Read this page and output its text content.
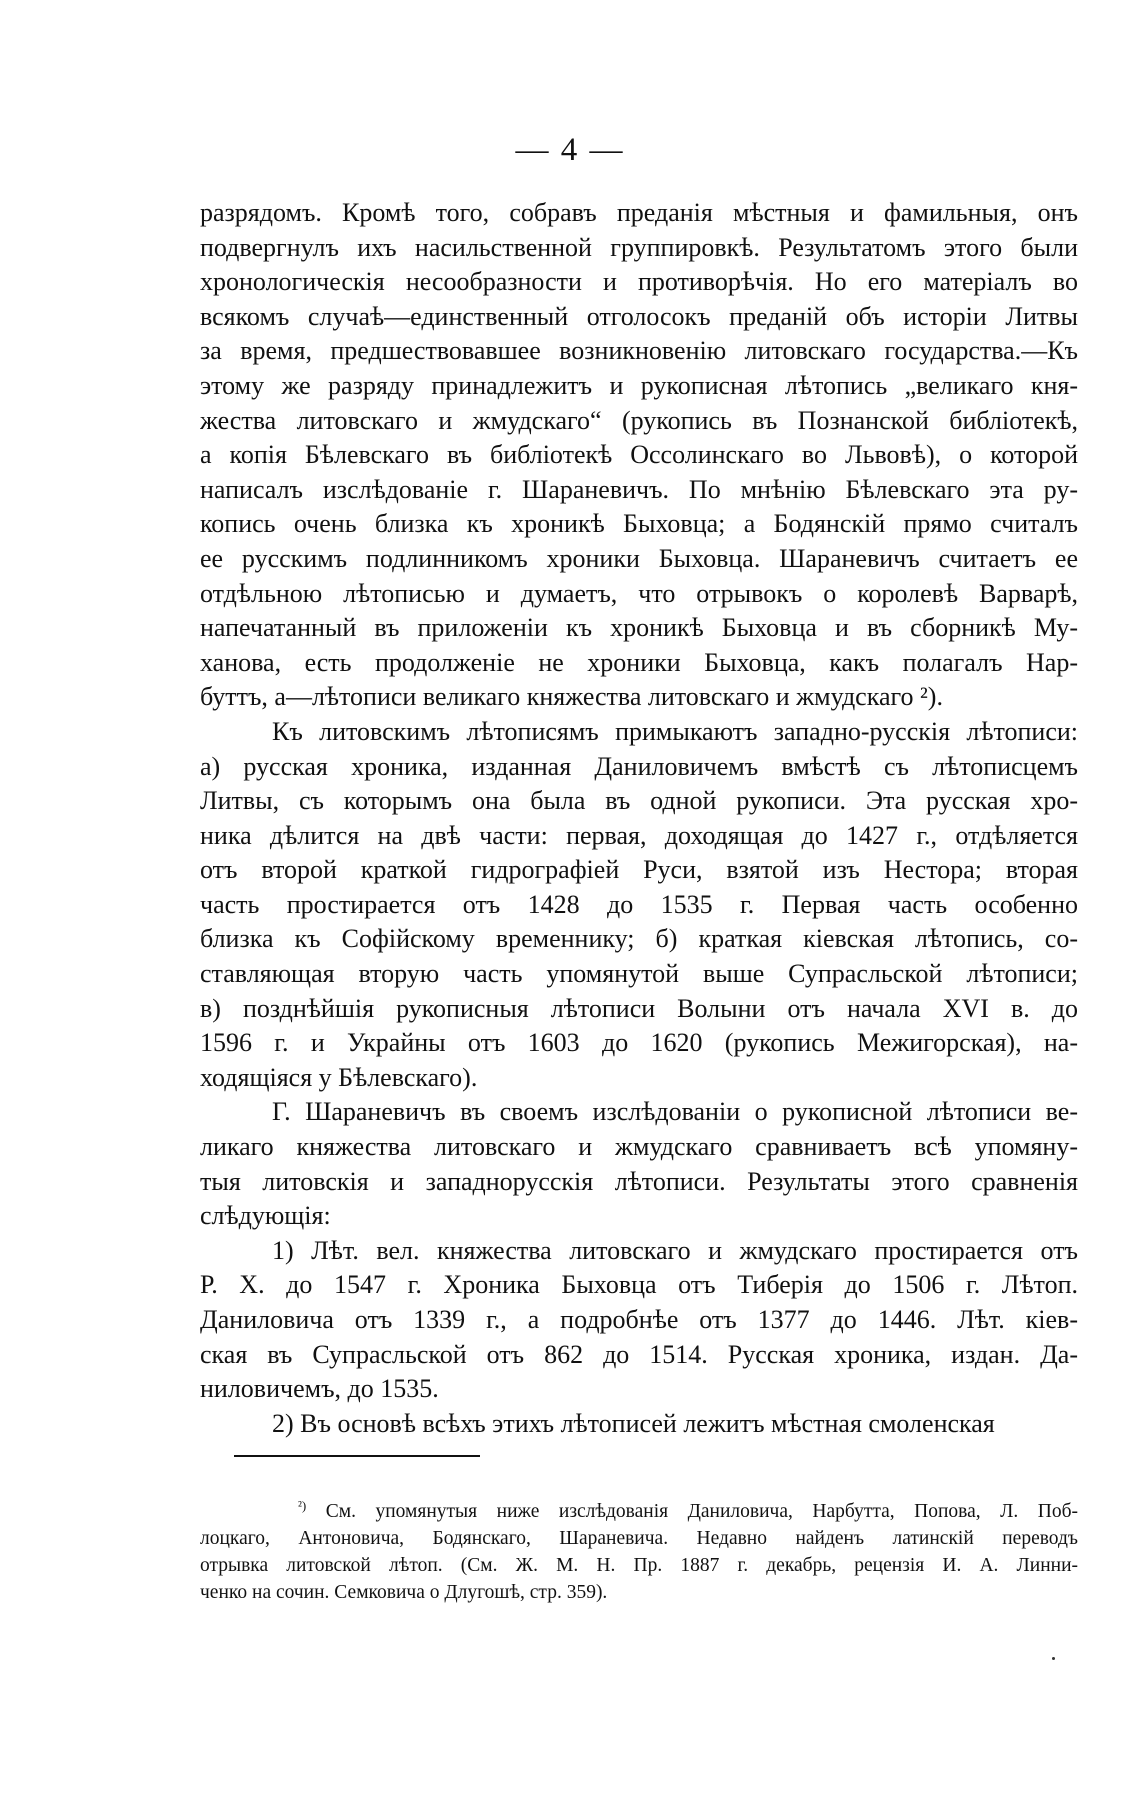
— 4 —
разрядомъ. Кромѣ того, собравъ преданія мѣстныя и фамильныя, онъ
подвергнулъ ихъ насильственной группировкѣ. Результатомъ этого были
хронологическія несообразности и противорѣчія. Но его матеріалъ во
всякомъ случаѣ—единственный отголосокъ преданій объ исторіи Литвы
за время, предшествовавшее возникновенію литовскаго государства.—Къ
этому же разряду принадлежитъ и рукописная лѣтопись „великаго кня-
жества литовскаго и жмудскаго“ (рукопись въ Познанской библіотекѣ,
а копія Бѣлевскаго въ библіотекѣ Оссолинскаго во Львовѣ), о которой
написалъ изслѣдованіе г. Шараневичъ. По мнѣнію Бѣлевскаго эта ру-
копись очень близка къ хроникѣ Быховца; а Бодянскій прямо считалъ
ее русскимъ подлинникомъ хроники Быховца. Шараневичъ считаетъ ее
отдѣльною лѣтописью и думаетъ, что отрывокъ о королевѣ Варварѣ,
напечатанный въ приложеніи къ хроникѣ Быховца и въ сборникѣ Му-
ханова, есть продолженіе не хроники Быховца, какъ полагалъ Нар-
буттъ, а—лѣтописи великаго княжества литовскаго и жмудскаго ²).
Къ литовскимъ лѣтописямъ примыкаютъ западно-русскія лѣтописи:
а) русская хроника, изданная Даниловичемъ вмѣстѣ съ лѣтописцемъ
Литвы, съ которымъ она была въ одной рукописи. Эта русская хро-
ника дѣлится на двѣ части: первая, доходящая до 1427 г., отдѣляется
отъ второй краткой гидрографіей Руси, взятой изъ Нестора; вторая
часть простирается отъ 1428 до 1535 г. Первая часть особенно
близка къ Софійскому временнику; б) краткая кіевская лѣтопись, со-
ставляющая вторую часть упомянутой выше Супрасльской лѣтописи;
в) позднѣйшія рукописныя лѣтописи Волыни отъ начала XVI в. до
1596 г. и Украйны отъ 1603 до 1620 (рукопись Межигорская), на-
ходящіяся у Бѣлевскаго).
Г. Шараневичъ въ своемъ изслѣдованіи о рукописной лѣтописи ве-
ликаго княжества литовскаго и жмудскаго сравниваетъ всѣ упомяну-
тыя литовскія и западнорусскія лѣтописи. Результаты этого сравненія
слѣдующія:
1) Лѣт. вел. княжества литовскаго и жмудскаго простирается отъ
Р. Х. до 1547 г. Хроника Быховца отъ Тиберія до 1506 г. Лѣтоп.
Даниловича отъ 1339 г., а подробнѣе отъ 1377 до 1446. Лѣт. кіев-
ская въ Супрасльской отъ 862 до 1514. Русская хроника, издан. Да-
ниловичемъ, до 1535.
2) Въ основѣ всѣхъ этихъ лѣтописей лежитъ мѣстная смоленская
$^{^2)}$ См. упомянутыя ниже изслѣдованія Даниловича, Нарбутта, Попова, Л. Поб-
лоцкаго, Антоновича, Бодянскаго, Шараневича. Недавно найденъ латинскій переводъ
отрывка литовской лѣтоп. (См. Ж. М. Н. Пр. 1887 г. декабрь, рецензія И. А. Линни-
ченко на сочин. Семковича о Длугошѣ, стр. 359).
